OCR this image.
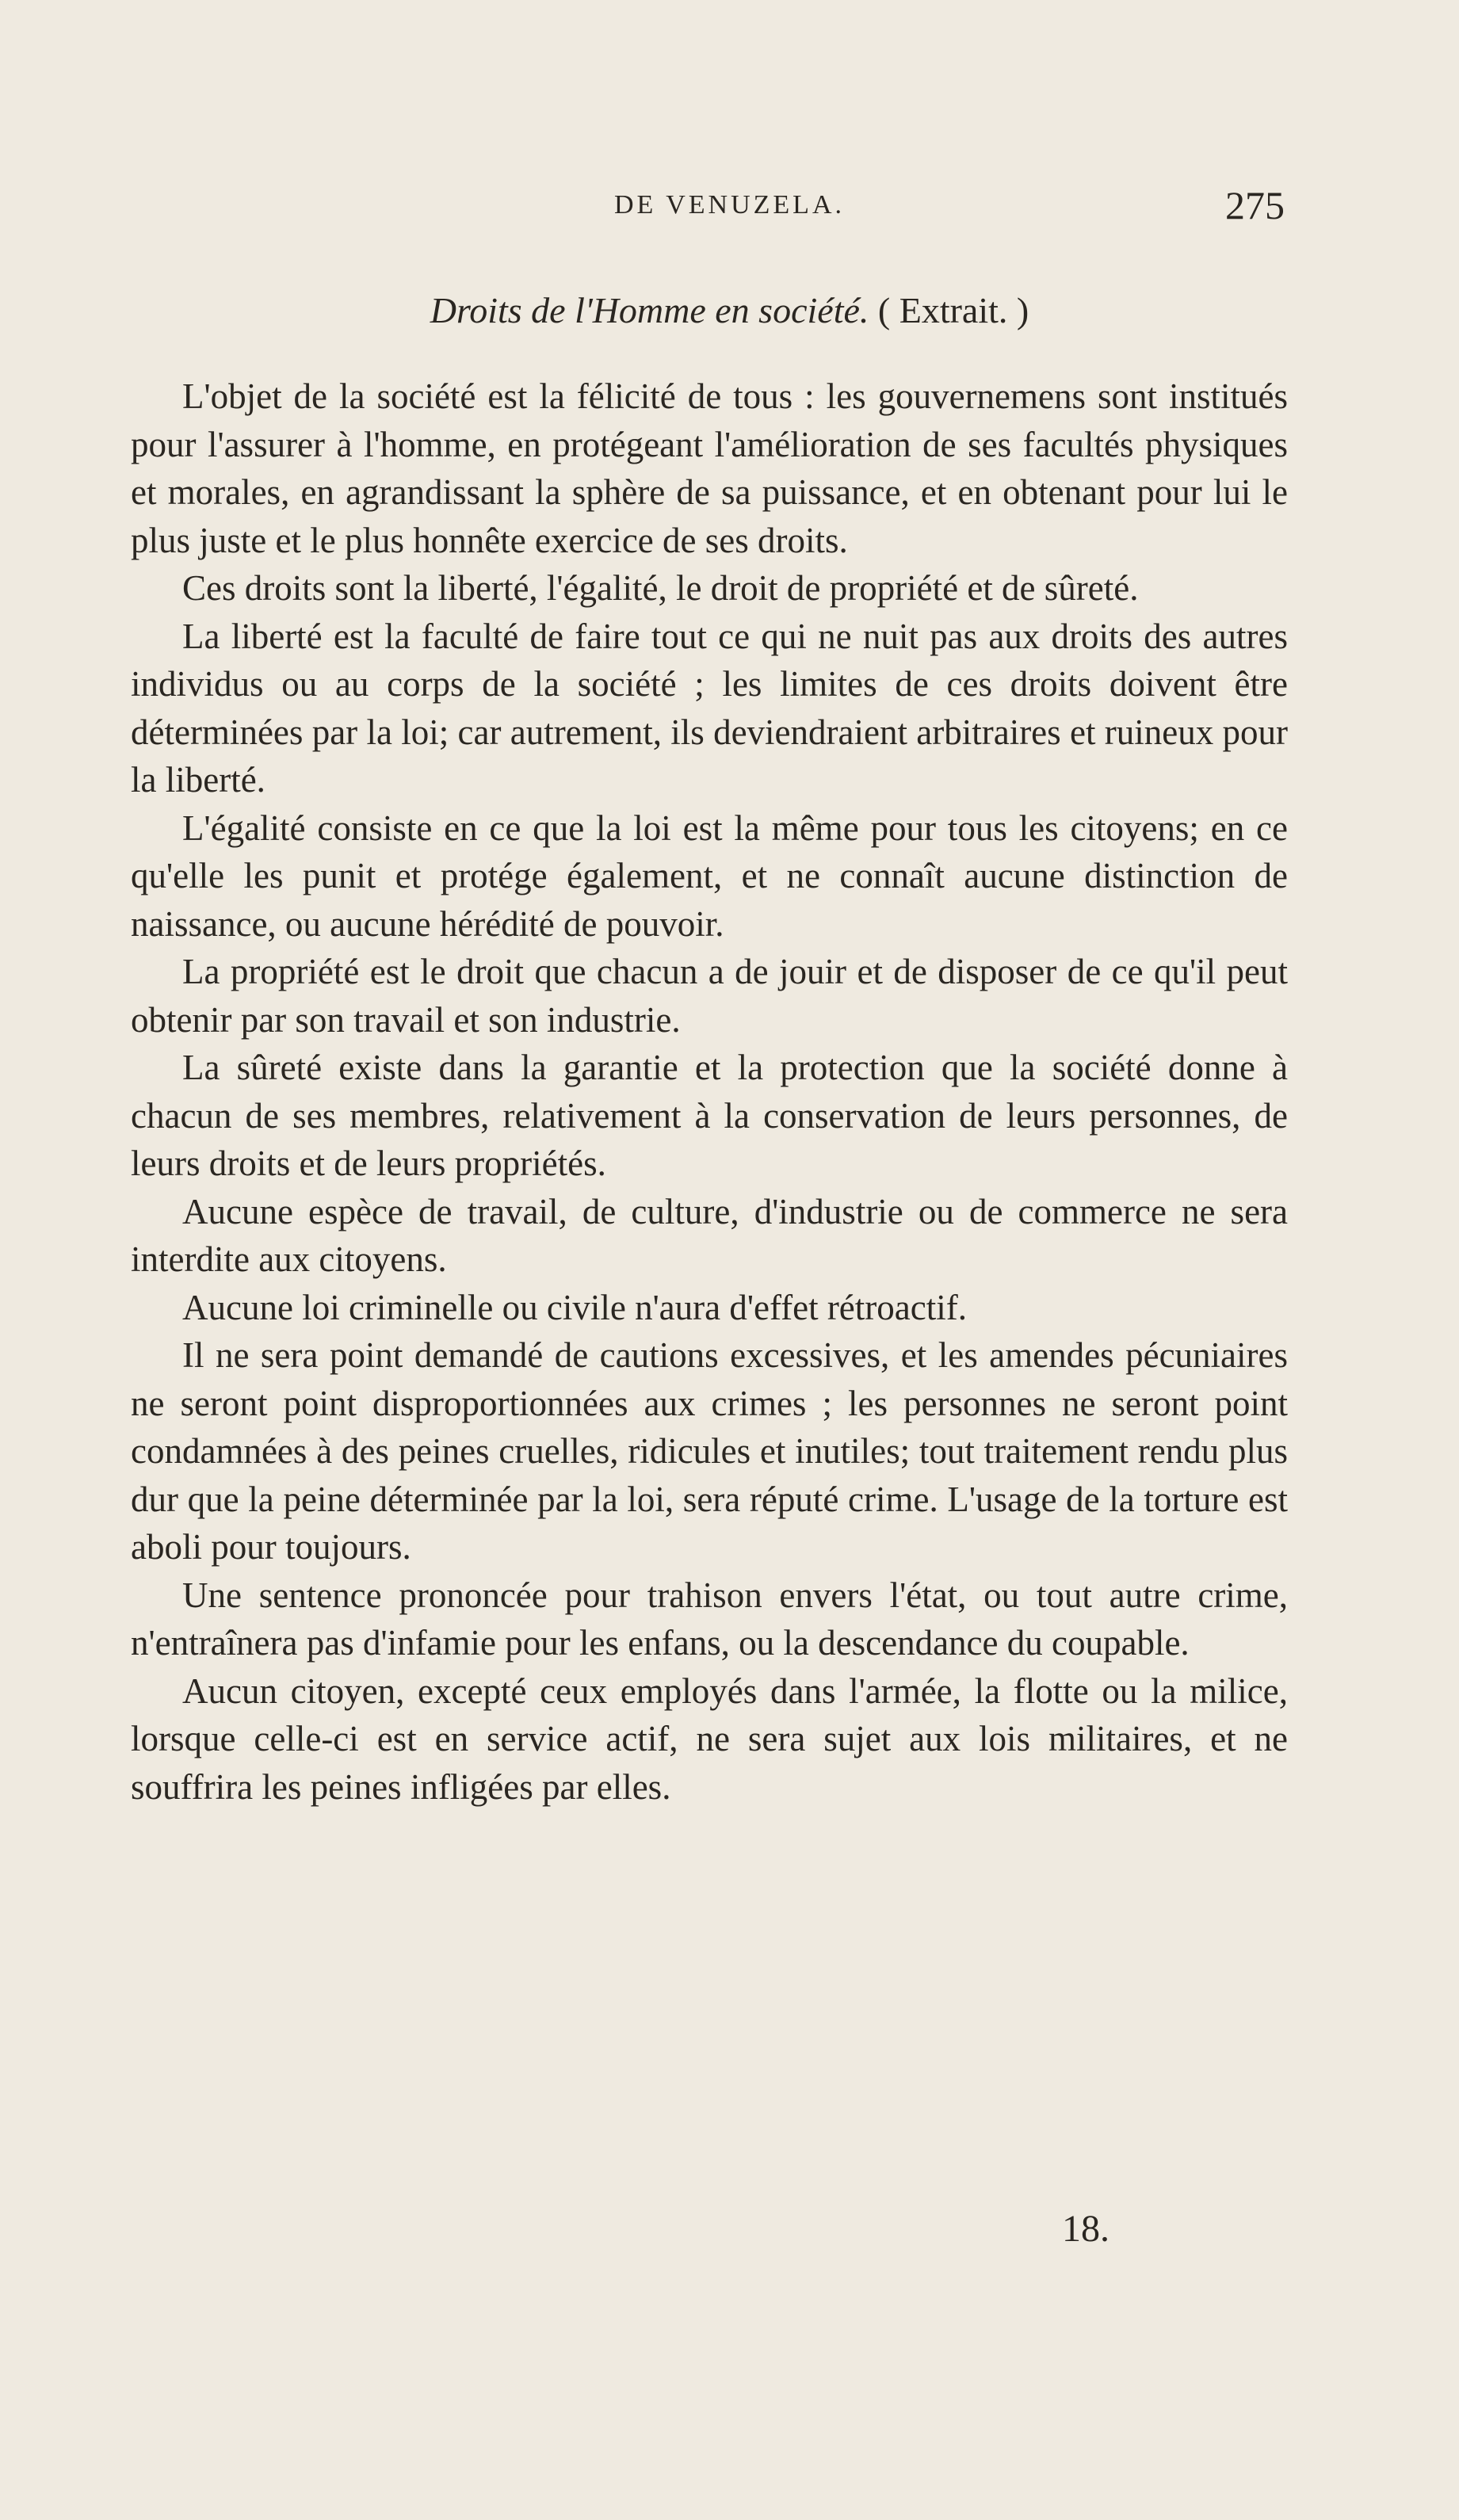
DE VENUZELA.	275
Droits de l'Homme en société. ( Extrait. )

L'objet de la société est la félicité de tous : les gouvernemens sont institués pour l'assurer à l'homme, en protégeant l'amélioration de ses facultés physiques et morales, en agrandissant la sphère de sa puissance, et en obtenant pour lui le plus juste et le plus honnête exercice de ses droits.

Ces droits sont la liberté, l'égalité, le droit de propriété et de sûreté.

La liberté est la faculté de faire tout ce qui ne nuit pas aux droits des autres individus ou au corps de la société ; les limites de ces droits doivent être déterminées par la loi; car autrement, ils deviendraient arbitraires et ruineux pour la liberté.

L'égalité consiste en ce que la loi est la même pour tous les citoyens; en ce qu'elle les punit et protége également, et ne connaît aucune distinction de naissance, ou aucune hérédité de pouvoir.

La propriété est le droit que chacun a de jouir et de disposer de ce qu'il peut obtenir par son travail et son industrie.

La sûreté existe dans la garantie et la protection que la société donne à chacun de ses membres, relativement à la conservation de leurs personnes, de leurs droits et de leurs propriétés.

Aucune espèce de travail, de culture, d'industrie ou de commerce ne sera interdite aux citoyens.

Aucune loi criminelle ou civile n'aura d'effet rétroactif.

Il ne sera point demandé de cautions excessives, et les amendes pécuniaires ne seront point disproportionnées aux crimes ; les personnes ne seront point condamnées à des peines cruelles, ridicules et inutiles; tout traitement rendu plus dur que la peine déterminée par la loi, sera réputé crime. L'usage de la torture est aboli pour toujours.

Une sentence prononcée pour trahison envers l'état, ou tout autre crime, n'entraînera pas d'infamie pour les enfans, ou la descendance du coupable.

Aucun citoyen, excepté ceux employés dans l'armée, la flotte ou la milice, lorsque celle-ci est en service actif, ne sera sujet aux lois militaires, et ne souffrira les peines infligées par elles.

18.
